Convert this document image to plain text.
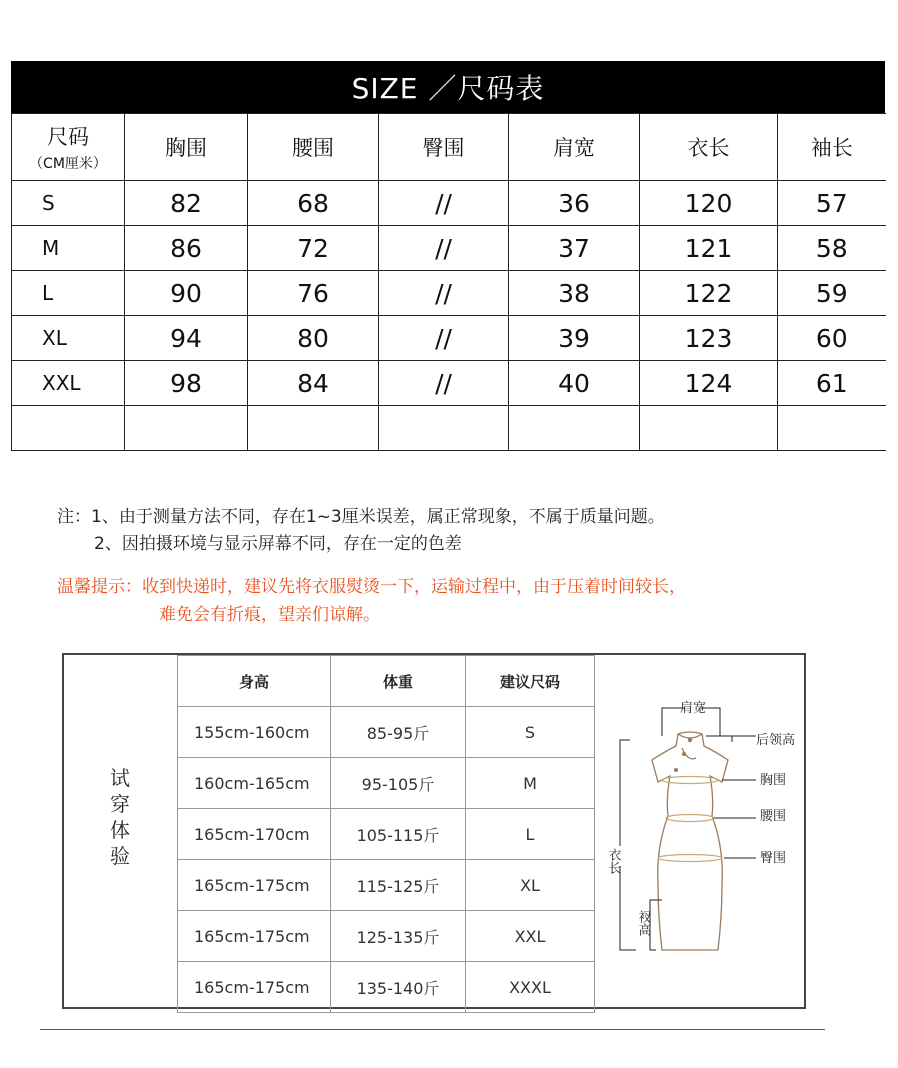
SIZE ／尺码表
尺码
（CM厘米）	胸围	腰围	臀围	肩宽	衣长	袖长
S	82	68	//	36	120	57
M	86	72	//	37	121	58
L	90	76	//	38	122	59
XL	94	80	//	39	123	60
XXL	98	84	//	40	124	61

注：1、由于测量方法不同，存在1~3厘米误差，属正常现象，不属于质量问题。
2、因拍摄环境与显示屏幕不同，存在一定的色差
温馨提示：收到快递时，建议先将衣服熨烫一下，运输过程中，由于压着时间较长，
难免会有折痕，望亲们谅解。
试穿体验
身高	体重	建议尺码
155cm-160cm	85-95斤	S
160cm-165cm	95-105斤	M
165cm-170cm	105-115斤	L
165cm-175cm	115-125斤	XL
165cm-175cm	125-135斤	XXL
165cm-175cm	135-140斤	XXXL
肩宽
后领高
胸围
腰围
臀围
衣长
衩高
